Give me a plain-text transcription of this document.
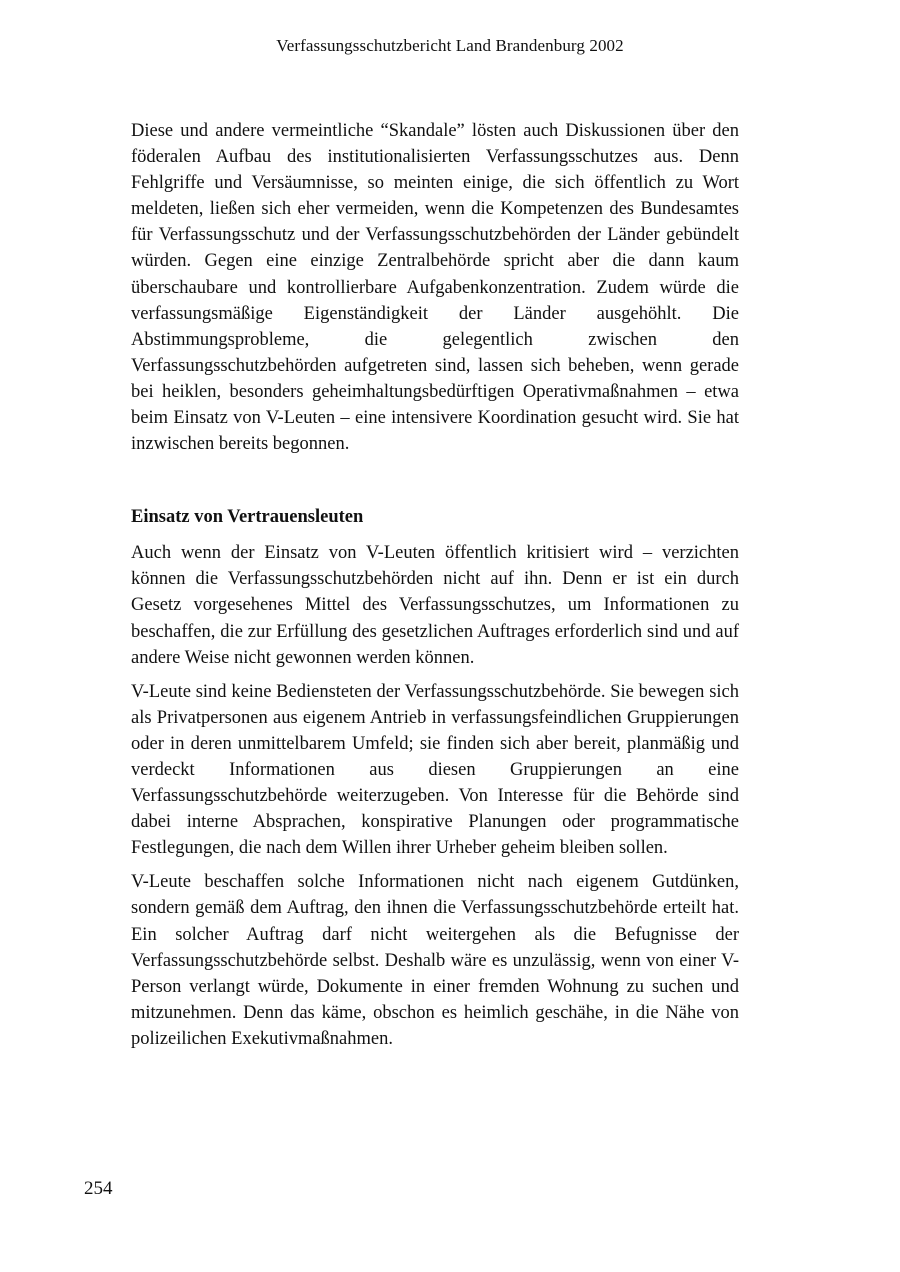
Verfassungsschutzbericht Land Brandenburg 2002

Diese und andere vermeintliche “Skandale” lösten auch Diskussionen über den föderalen Aufbau des institutionalisierten Verfassungsschutzes aus. Denn Fehlgriffe und Versäumnisse, so meinten einige, die sich öffentlich zu Wort meldeten, ließen sich eher vermeiden, wenn die Kompetenzen des Bundesamtes für Verfassungsschutz und der Verfassungsschutzbehörden der Länder gebündelt würden. Gegen eine einzige Zentralbehörde spricht aber die dann kaum überschaubare und kontrollierbare Aufgabenkonzentration. Zudem würde die verfassungsmäßige Eigenständigkeit der Länder ausgehöhlt. Die Abstimmungsprobleme, die gelegentlich zwischen den Verfassungsschutzbehörden aufgetreten sind, lassen sich beheben, wenn gerade bei heiklen, besonders geheimhaltungsbedürftigen Operativmaßnahmen – etwa beim Einsatz von V-Leuten – eine intensivere Koordination gesucht wird. Sie hat inzwischen bereits begonnen.

Einsatz von Vertrauensleuten

Auch wenn der Einsatz von V-Leuten öffentlich kritisiert wird – verzichten können die Verfassungsschutzbehörden nicht auf ihn. Denn er ist ein durch Gesetz vorgesehenes Mittel des Verfassungsschutzes, um Informationen zu beschaffen, die zur Erfüllung des gesetzlichen Auftrages erforderlich sind und auf andere Weise nicht gewonnen werden können.

V-Leute sind keine Bediensteten der Verfassungsschutzbehörde. Sie bewegen sich als Privatpersonen aus eigenem Antrieb in verfassungsfeindlichen Gruppierungen oder in deren unmittelbarem Umfeld; sie finden sich aber bereit, planmäßig und verdeckt Informationen aus diesen Gruppierungen an eine Verfassungsschutzbehörde weiterzugeben. Von Interesse für die Behörde sind dabei interne Absprachen, konspirative Planungen oder programmatische Festlegungen, die nach dem Willen ihrer Urheber geheim bleiben sollen.

V-Leute beschaffen solche Informationen nicht nach eigenem Gutdünken, sondern gemäß dem Auftrag, den ihnen die Verfassungsschutzbehörde erteilt hat. Ein solcher Auftrag darf nicht weitergehen als die Befugnisse der Verfassungsschutzbehörde selbst. Deshalb wäre es unzulässig, wenn von einer V-Person verlangt würde, Dokumente in einer fremden Wohnung zu suchen und mitzunehmen. Denn das käme, obschon es heimlich geschähe, in die Nähe von polizeilichen Exekutivmaßnahmen.

254
